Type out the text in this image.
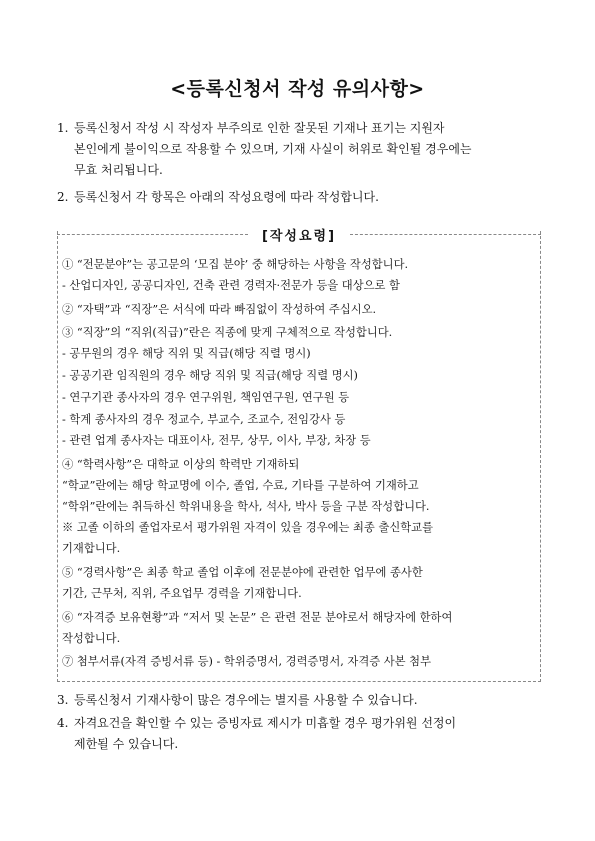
<등록신청서 작성 유의사항>
1. 등록신청서 작성 시 작성자 부주의로 인한 잘못된 기재나 표기는 지원자
본인에게 불이익으로 작용할 수 있으며, 기재 사실이 허위로 확인될 경우에는
무효 처리됩니다.
2. 등록신청서 각 항목은 아래의 작성요령에 따라 작성합니다.
[작성요령]
① “전문분야”는 공고문의 ‘모집 분야’ 중 해당하는 사항을 작성합니다.
- 산업디자인, 공공디자인, 건축 관련 경력자·전문가 등을 대상으로 함
② “자택”과 “직장”은 서식에 따라 빠짐없이 작성하여 주십시오.
③ “직장”의 “직위(직급)”란은 직종에 맞게 구체적으로 작성합니다.
- 공무원의 경우 해당 직위 및 직급(해당 직렬 명시)
- 공공기관 임직원의 경우 해당 직위 및 직급(해당 직렬 명시)
- 연구기관 종사자의 경우 연구위원, 책임연구원, 연구원 등
- 학계 종사자의 경우 정교수, 부교수, 조교수, 전임강사 등
- 관련 업계 종사자는 대표이사, 전무, 상무, 이사, 부장, 차장 등
④ “학력사항”은 대학교 이상의 학력만 기재하되
“학교”란에는 해당 학교명에 이수, 졸업, 수료, 기타를 구분하여 기재하고
“학위”란에는 취득하신 학위내용을 학사, 석사, 박사 등을 구분 작성합니다.
※ 고졸 이하의 졸업자로서 평가위원 자격이 있을 경우에는 최종 출신학교를
기재합니다.
⑤ “경력사항”은 최종 학교 졸업 이후에 전문분야에 관련한 업무에 종사한
기간, 근무처, 직위, 주요업무 경력을 기재합니다.
⑥ “자격증 보유현황”과 “저서 및 논문” 은 관련 전문 분야로서 해당자에 한하여
작성합니다.
⑦ 첨부서류(자격 증빙서류 등) - 학위증명서, 경력증명서, 자격증 사본 첨부
3. 등록신청서 기재사항이 많은 경우에는 별지를 사용할 수 있습니다.
4. 자격요건을 확인할 수 있는 증빙자료 제시가 미흡할 경우 평가위원 선정이
제한될 수 있습니다.
